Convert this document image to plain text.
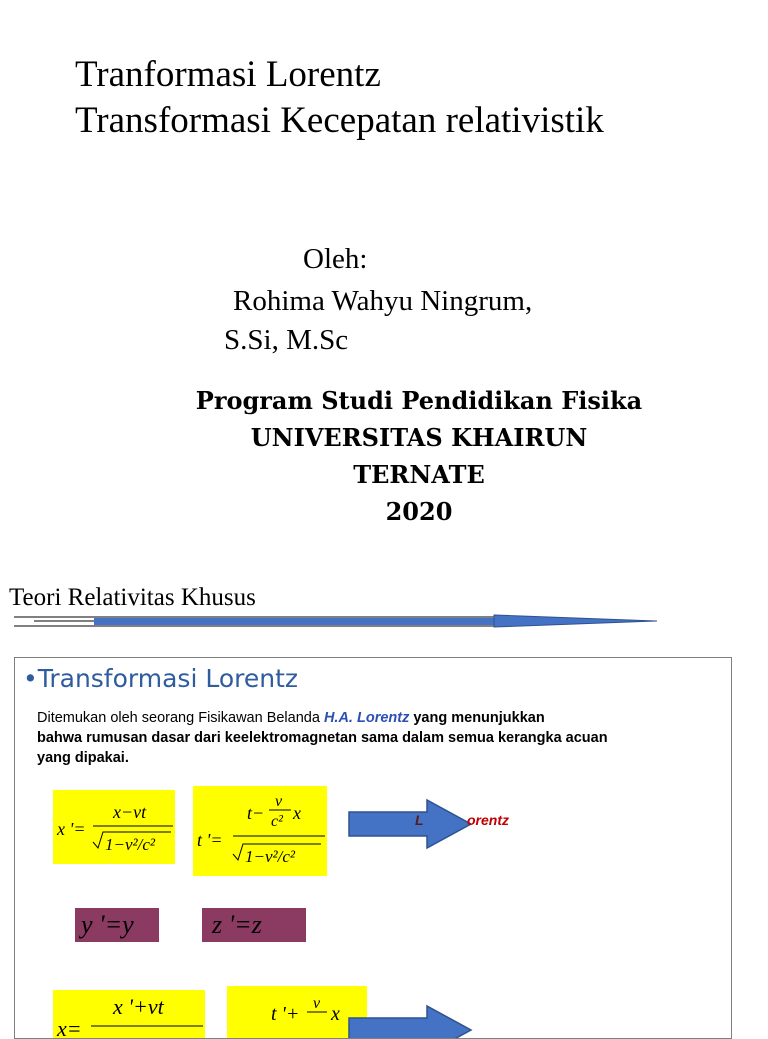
Tranformasi Lorentz
Transformasi Kecepatan relativistik
Oleh:
Rohima Wahyu Ningrum,
S.Si, M.Sc
Program Studi Pendidikan Fisika
UNIVERSITAS KHAIRUN
TERNATE
2020
Teori Relativitas Khusus
•Transformasi Lorentz
Ditemukan oleh seorang Fisikawan Belanda H.A. Lorentz yang menunjukkan
bahwa rumusan dasar dari keelektromagnetan sama dalam semua kerangka acuan
yang dipakai.
x '=
x−vt
1−v²/c² t '=
t−
v
c² x
1−v²/c²
L	orentz
y '=y	z '=z
x '+vt
x=
t '+ v x
